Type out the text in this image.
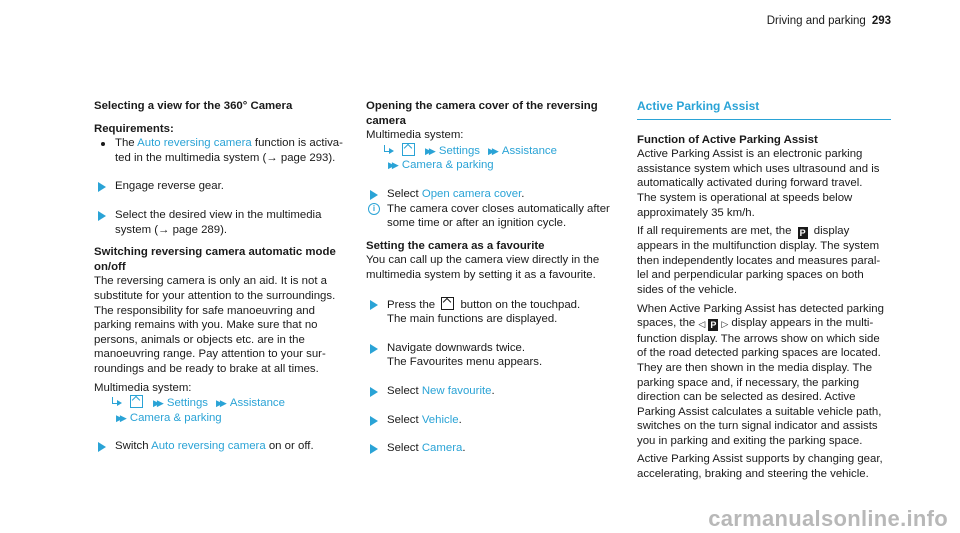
Driving and parking 293

Selecting a view for the 360° Camera

Requirements:

The Auto reversing camera function is activa-

ted in the multimedia system (→ page 293).

Engage reverse gear.

Select the desired view in the multimedia

system (→ page 289).

Switching reversing camera automatic mode

on/off

The reversing camera is only an aid. It is not a

substitute for your attention to the surroundings.

The responsibility for safe manoeuvring and

parking remains with you. Make sure that no

persons, animals or objects etc. are in the

manoeuvring range. Pay attention to your sur-

roundings and be ready to brake at all times.

Multimedia system:

▶▶ Settings ▶▶ Assistance

▶▶ Camera & parking

Switch Auto reversing camera on or off.

Opening the camera cover of the reversing

camera

Multimedia system:

▶▶ Settings ▶▶ Assistance

▶▶ Camera & parking

Select Open camera cover.

i	The camera cover closes automatically after

some time or after an ignition cycle.

Setting the camera as a favourite

You can call up the camera view directly in the

multimedia system by setting it as a favourite.

Press the  button on the touchpad.

The main functions are displayed.

Navigate downwards twice.

The Favourites menu appears.

Select New favourite.

Select Vehicle.

Select Camera.

Active Parking Assist

Function of Active Parking Assist

Active Parking Assist is an electronic parking

assistance system which uses ultrasound and is

automatically activated during forward travel.

The system is operational at speeds below

approximately 35 km/h.

If all requirements are met, the P display

appears in the multifunction display. The system

then independently locates and measures paral-

lel and perpendicular parking spaces on both

sides of the vehicle.

When Active Parking Assist has detected parking

spaces, the ◁ P ▷ display appears in the multi-

function display. The arrows show on which side

of the road detected parking spaces are located.

They are then shown in the media display. The

parking space and, if necessary, the parking

direction can be selected as desired. Active

Parking Assist calculates a suitable vehicle path,

switches on the turn signal indicator and assists

you in parking and exiting the parking space.

Active Parking Assist supports by changing gear,

accelerating, braking and steering the vehicle.

carmanualsonline.info
